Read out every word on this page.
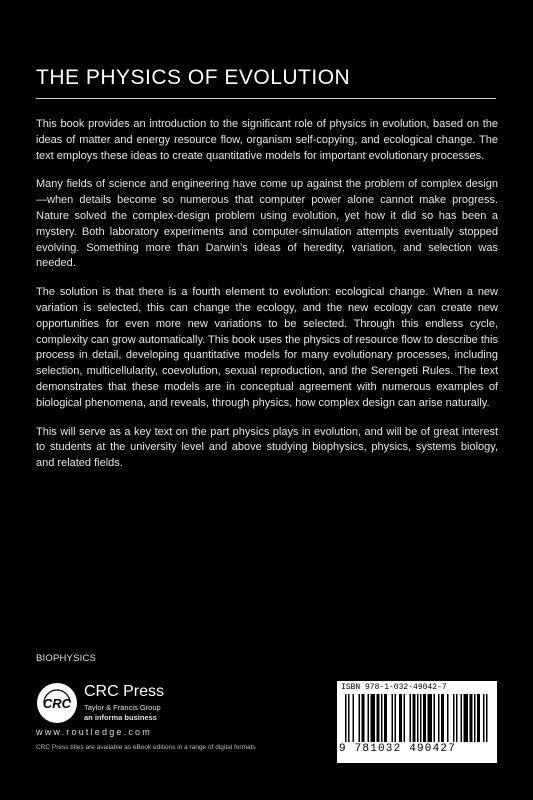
THE PHYSICS OF EVOLUTION

This book provides an introduction to the significant role of physics in evolution, based on the ideas of matter and energy resource flow, organism self-copying, and ecological change. The text employs these ideas to create quantitative models for important evolutionary processes.

Many fields of science and engineering have come up against the problem of complex design—when details become so numerous that computer power alone cannot make progress. Nature solved the complex-design problem using evolution, yet how it did so has been a mystery. Both laboratory experiments and computer-simulation attempts eventually stopped evolving. Something more than Darwin’s ideas of heredity, variation, and selection was needed.

The solution is that there is a fourth element to evolution: ecological change. When a new variation is selected, this can change the ecology, and the new ecology can create new opportunities for even more new variations to be selected. Through this endless cycle, complexity can grow automatically. This book uses the physics of resource flow to describe this process in detail, developing quantitative models for many evolutionary processes, including selection, multicellularity, coevolution, sexual reproduction, and the Serengeti Rules. The text demonstrates that these models are in conceptual agreement with numerous examples of biological phenomena, and reveals, through physics, how complex design can arise naturally.

This will serve as a key text on the part physics plays in evolution, and will be of great interest to students at the university level and above studying biophysics, physics, systems biology, and related fields.

BIOPHYSICS
CRC
CRC Press
Taylor & Francis Group
an informa business
www.routledge.com
CRC Press titles are available as eBook editions in a range of digital formats
ISBN 978-1-032-49042-7
9 781032 490427
